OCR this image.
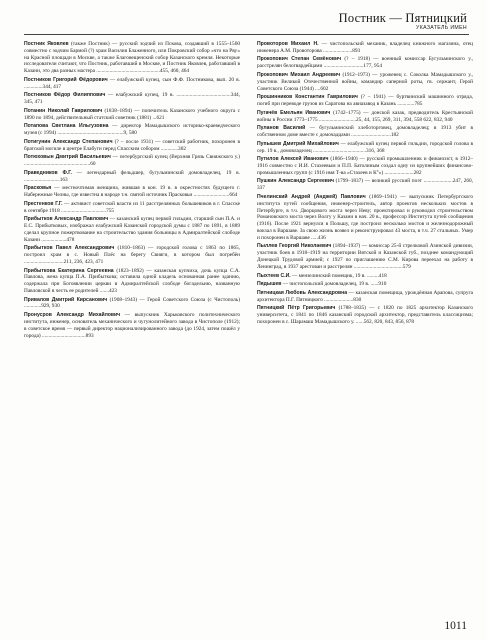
Постник — Пятницкий
УКАЗАТЕЛЬ ИМЕН

Постник Яковлев (также Постник) — русский зодчий из Пскова, создавший в 1555–1560 совместно с зодчим Бармой (?) храм Василия Блаженного, или Покровский собор «что на Рву» на Красной площади в Москве, а также Благовещенский собор Казанского кремля. Некоторые исследователи считают, что Постник, работавший в Москве, и Постник Яковлев, работавший в Казани, это два разных мастера ................................................455, 460, 464

Постников Григорий Фёдорович — елабужский купец, сын Ф.Ф. Постникова, вып. 20 в. ..............344, 417

Постников Фёдор Филиппович — елабужский купец, 19 в. .........................................344, 345, 471

Потанин Николай Гаврилович (1838–1894) — попечитель Казанского учебного округа с 1890 по 1894, действительный статский советник (1881) ...621

Потапова Светлана Ильгузовна — директор Мамадышского историко-краеведческого музея (с 1994) ..................................................9, 580

Потигунин Александр Степанович (? – после 1931) — советский работник, похоронен в братской могиле в центре Елабуги перед Спасским собором .............302

Потюховын Дмитрий Васильевич — петербургский купец (Верхняя Грязь Свияжского у.) ..................................................60

Праведников Ф.Г. — легендарный фельдшер, бугульминский домовладелец, 19 в. ...........................163

Прасковья — местночтимая женщина, жившая в кон. 19 в. в окрестностях будущего г. Набережные Челны, где известна в народе т.н. святой источник Прасковьи ...........................664

Престенков Г.Г. — активист советской власти из 11 расстрелянных большевиков в г. Спасске в сентябре 1918 ..................................755

Прибытков Александр Павлович — казанский купец первой гильдии, старший сын П.А. и Е.С. Прибытковых, изображал елабужский Казанской городской думы с 1887 по 1891, в 1889 сделал крупное пожертвование на строительство здания больницы в Адмиралтейской слободе Казани ...................478

Прибытков Павел Александрович (1810–1863) — городской голова с 1863 по 1865, построил храм в с. Новый Плёс на берегу Свияги, в котором был погребён ..............................211, 236, 423, 471

Прибыткова Екатерина Сергеевна (1823–1892) — казанская купчиха, дочь купца С.А. Павлова, жена купца П.А. Прибыткова; оставила одной кладезь основанная ранее зданию, содержала при Богоявлении церкви в Адмиралтейской слободе богадельню, названную Павловской в честь ее родителей .......423

Привалов Дмитрий Кирсанович (1908–1943) — Герой Советского Союза (с Чистополь) .............929, 930

Пронусров Александр Михайлович — выпускник Харьковского политехнического института, инженер, основатель механического и чугунолитейного завода в Чистополе (1912); в советское время — первый директор национализированного завода (до 1924, затем пошёл у города) .................................893

Провоторов Михаил Н. — чистопольский механик, владелец книжного магазина, отец инженера А.М. Провоторова ......................893

Прокопович Степан Семёнович (? – 1918) — военный комиссар Бугульминского у., расстрелян белогвардейцами ..............................177, 954

Прокопович Михаил Андреевич (1912–1973) — уроженец с. Соколка Мамадышского у., участник Великой Отечественной войны, командир саперной роты, гв. сержант, Герой Советского Союза (1944) ....602

Прошинников Константин Гаврилович (? – 1941) — буртвинский машинного отряда, погиб при переводе грузов из Саратова на авиазавод в Казань .............785

Пугачёв Емельян Иванович (1742–1775) — донской казак, предводитель Крестьянской войны в России 1773–1775 ............................25, 44, 155, 269, 311, 394, 558 622, 832, 940

Пуланов Василий — бугульминский хлеботорговец, домовладелец; в 1913 убит в собственном доме вместе с домочадцами ..............................182

Пупышев Дмитрий Михайлович — елабужский купец первой гильдии, городской голова в сер. 19 в., домовладелец ........................................316, 368

Путилов Алексей Иванович (1866–1940) — русский промышленник и финансист, в 1912–1916 совместно с И.И. Стахеевым и П.П. Батолиным создал одну из крупнейших финансово-промышленных групп (с 1916 имя Т-ва «Стахеев и К°») ......................282

Пушкин Александр Сергеевич (1799–1837) — великий русский поэт ......................247, 260, 337

Пчелинский Андрей (Анджей) Павлович (1869–1941) — выпускник Петербургского института путей сообщения, инженер-строитель, автор проектов нескольких мостов в Петербурге, в т.ч. Дворцового моста через Неву; проектировал и руководил строительством Романовского моста через Волгу у Казани в нач. 20 в., профессор Института путей сообщения (1916). После 1921 вернулся в Польшу, где построил несколько мостов и железнодорожный вокзал в Варшаве. За свою жизнь возвел и реконструировал 43 моста, в т.ч. 27 стальных. Умер и похоронен в Варшаве .....436

Пыллев Георгий Николаевич (1894–1937) — комиссар 25-й стрелковой Азинской дивизии, участник боев в 1918–1919 на территории Вятской и Казанской губ., позднее командующий Донецкой Трудовой армией; с 1927 по приглашению С.М. Кирова переехал на работу в Ленинград, в 1937 арестован и расстрелян .....................................579

Пыхтеев С.И. — мензелинский помещик, 19 в. .........418

Пядышев — чистопольский домовладелец, 19 в. ......910

Пятницкая Любовь Александровна — казанская помещица, урождённая Арапова, супруга архитектора П.Г. Пятницкого ......................830

Пятницкий Пётр Григорьевич (1788–1835) — с 1820 по 1825 архитектор Казанского университета, с 1841 по 1846 казанский городской архитектор, представитель классицизма; похоронен в с. Шарамаш Мамадышского у. ......562, 820, 843, 856, 878

1011
